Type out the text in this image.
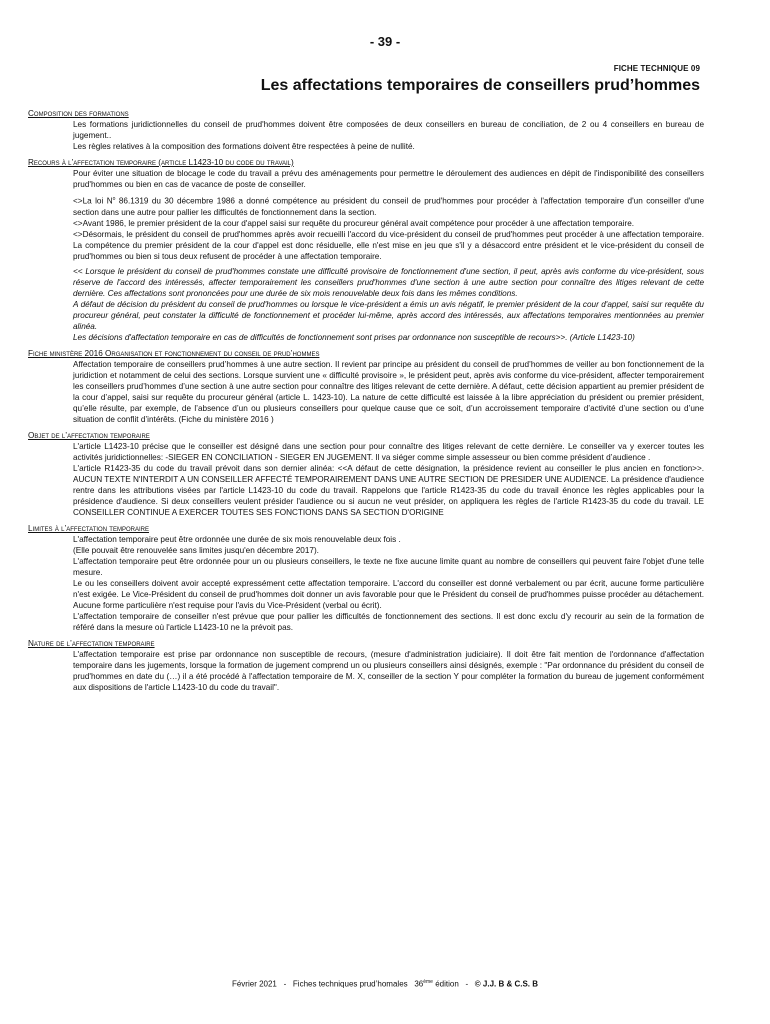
- 39 -
FICHE TECHNIQUE 09
Les affectations temporaires de conseillers prud’hommes
Composition des formations

Les formations juridictionnelles du conseil de prud'hommes doivent être composées de deux conseillers en bureau de conciliation, de 2 ou 4 conseillers en bureau de jugement..

Les règles relatives à la composition des formations doivent être respectées à peine de nullité.

Recours à l’affectation temporaire (article L1423-10 du code du travail)

Pour éviter une situation de blocage le code du travail a prévu des aménagements pour permettre le déroulement des audiences en dépit de l'indisponibilité des conseillers prud'hommes ou bien en cas de vacance de poste de conseiller.

<>La loi $N^o$ 86.1319 du 30 décembre 1986 a donné compétence au président du conseil de prud'hommes pour procéder à l'affectation temporaire d'un conseiller d'une section dans une autre pour pallier les difficultés de fonctionnement dans la section.

<>Avant 1986, le premier président de la cour d'appel saisi sur requête du procureur général avait compétence pour procéder à une affectation temporaire.

<>Désormais, le président du conseil de prud'hommes après avoir recueilli l'accord du vice-président du conseil de prud'hommes peut procéder à une affectation temporaire. La compétence du premier président de la cour d'appel est donc résiduelle, elle n'est mise en jeu que s'il y a désaccord entre président et le vice-président du conseil de prud'hommes ou bien si tous deux refusent de procéder à une affectation temporaire.

<< Lorsque le président du conseil de prud'hommes constate une difficulté provisoire de fonctionnement d'une section, il peut, après avis conforme du vice-président, sous réserve de l'accord des intéressés, affecter temporairement les conseillers prud'hommes d'une section à une autre section pour connaître des litiges relevant de cette dernière. Ces affectations sont prononcées pour une durée de six mois renouvelable deux fois dans les mêmes conditions.

A défaut de décision du président du conseil de prud'hommes ou lorsque le vice-président a émis un avis négatif, le premier président de la cour d'appel, saisi sur requête du procureur général, peut constater la difficulté de fonctionnement et procéder lui-même, après accord des intéressés, aux affectations temporaires mentionnées au premier alinéa.

Les décisions d'affectation temporaire en cas de difficultés de fonctionnement sont prises par ordonnance non susceptible de recours>>. (Article L1423-10)

Fiche ministère 2016 Organisation et fonctionnement du conseil de prud’hommes

Affectation temporaire de conseillers prud’hommes à une autre section. Il revient par principe au président du conseil de prud’hommes de veiller au bon fonctionnement de la juridiction et notamment de celui des sections. Lorsque survient une « difficulté provisoire », le président peut, après avis conforme du vice-président, affecter temporairement les conseillers prud’hommes d’une section à une autre section pour connaître des litiges relevant de cette dernière. A défaut, cette décision appartient au premier président de la cour d’appel, saisi sur requête du procureur général (article L. 1423-10). La nature de cette difficulté est laissée à la libre appréciation du président ou premier président, qu’elle résulte, par exemple, de l’absence d’un ou plusieurs conseillers pour quelque cause que ce soit, d’un accroissement temporaire d’activité d’une section ou d’une situation de conflit d’intérêts. (Fiche du ministère 2016 )

Objet de l’affectation temporaire

L'article L1423-10 précise que le conseiller est désigné dans une section pour pour connaître des litiges relevant de cette dernière. Le conseiller va y exercer toutes les activités juridictionnelles: -SIEGER EN CONCILIATION - SIEGER EN JUGEMENT. Il va siéger comme simple assesseur ou bien comme président d’audience .

L'article R1423-35 du code du travail prévoit dans son dernier alinéa: <<A défaut de cette désignation, la présidence revient au conseiller le plus ancien en fonction>>. AUCUN TEXTE N'INTERDIT A UN CONSEILLER AFFECTÉ TEMPORAIREMENT DANS UNE AUTRE SECTION DE PRESIDER UNE AUDIENCE. La présidence d'audience rentre dans les attributions visées par l'article L1423-10 du code du travail. Rappelons que l'article R1423-35 du code du travail énonce les règles applicables pour la présidence d'audience. Si deux conseillers veulent présider l'audience ou si aucun ne veut présider, on appliquera les règles de l'article R1423-35 du code du travail. LE CONSEILLER CONTINUE A EXERCER TOUTES SES FONCTIONS DANS SA SECTION D'ORIGINE

Limites à l’affectation temporaire

L'affectation temporaire peut être ordonnée une durée de six mois renouvelable deux fois .

(Elle pouvait être renouvelée sans limites jusqu'en décembre 2017).

L'affectation temporaire peut être ordonnée pour un ou plusieurs conseillers, le texte ne fixe aucune limite quant au nombre de conseillers qui peuvent faire l'objet d'une telle mesure.

Le ou les conseillers doivent avoir accepté expressément cette affectation temporaire. L'accord du conseiller est donné verbalement ou par écrit, aucune forme particulière n'est exigée. Le Vice-Président du conseil de prud'hommes doit donner un avis favorable pour que le Président du conseil de prud'hommes puisse procéder au détachement. Aucune forme particulière n'est requise pour l'avis du Vice-Président (verbal ou écrit).

L'affectation temporaire de conseiller n'est prévue que pour pallier les difficultés de fonctionnement des sections. Il est donc exclu d'y recourir au sein de la formation de référé dans la mesure où l'article L1423-10 ne la prévoit pas.

Nature de l’affectation temporaire

L'affectation temporaire est prise par ordonnance non susceptible de recours, (mesure d'administration judiciaire). Il doit être fait mention de l'ordonnance d'affectation temporaire dans les jugements, lorsque la formation de jugement comprend un ou plusieurs conseillers ainsi désignés, exemple : "Par ordonnance du président du conseil de prud'hommes en date du (…) il a été procédé à l'affectation temporaire de M. X, conseiller de la section Y pour compléter la formation du bureau de jugement conformément aux dispositions de l'article L1423-10 du code du travail".

Février 2021 - Fiches techniques prud’homales 36ème édition - © J.J. B & C.S. B
